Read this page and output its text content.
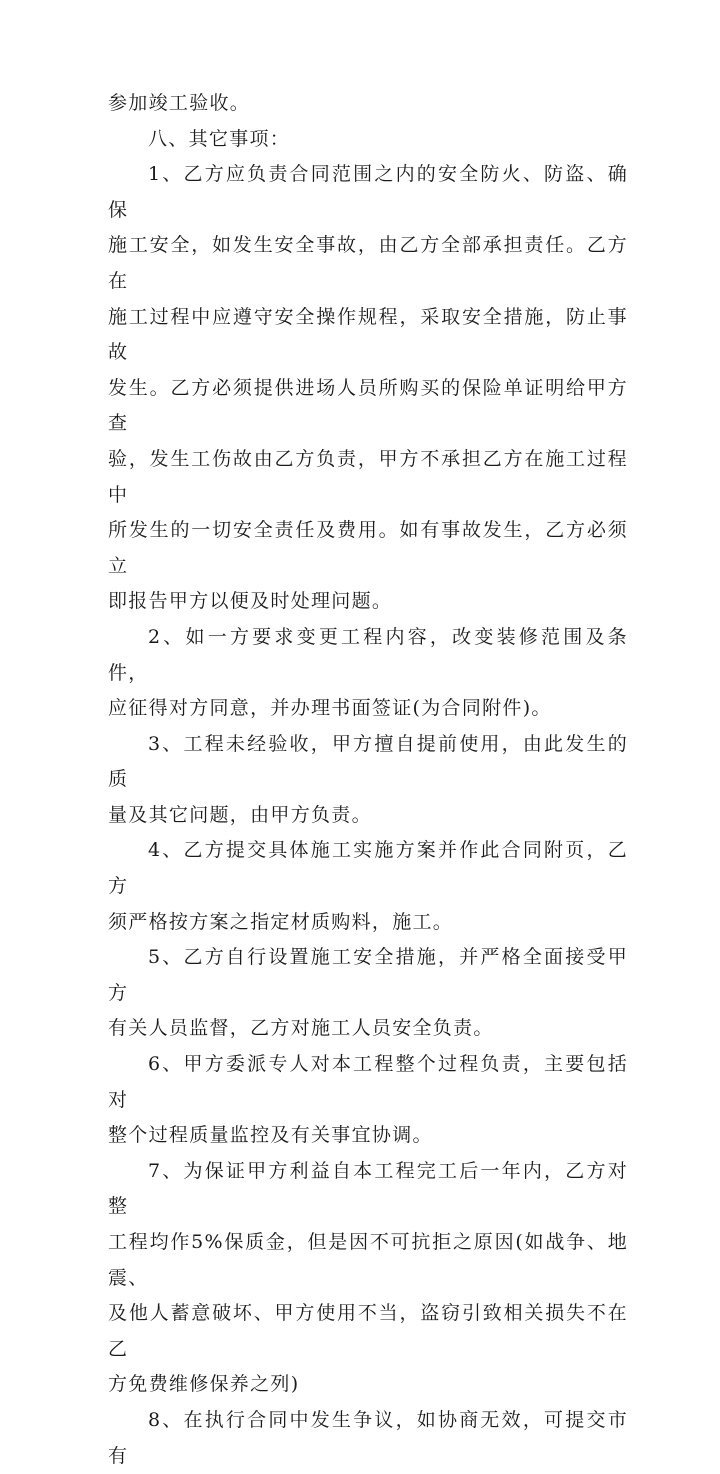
参加竣工验收。

八、其它事项：

1、乙方应负责合同范围之内的安全防火、防盗、确保
施工安全，如发生安全事故，由乙方全部承担责任。乙方在
施工过程中应遵守安全操作规程，采取安全措施，防止事故
发生。乙方必须提供进场人员所购买的保险单证明给甲方查
验，发生工伤故由乙方负责，甲方不承担乙方在施工过程中
所发生的一切安全责任及费用。如有事故发生，乙方必须立
即报告甲方以便及时处理问题。

2、如一方要求变更工程内容，改变装修范围及条件，
应征得对方同意，并办理书面签证(为合同附件)。

3、工程未经验收，甲方擅自提前使用，由此发生的质
量及其它问题，由甲方负责。

4、乙方提交具体施工实施方案并作此合同附页，乙方
须严格按方案之指定材质购料，施工。

5、乙方自行设置施工安全措施，并严格全面接受甲方
有关人员监督，乙方对施工人员安全负责。

6、甲方委派专人对本工程整个过程负责，主要包括对
整个过程质量监控及有关事宜协调。

7、为保证甲方利益自本工程完工后一年内，乙方对整
工程均作5%保质金，但是因不可抗拒之原因(如战争、地震、
及他人蓄意破坏、甲方使用不当，盗窃引致相关损失不在乙
方免费维修保养之列)

8、在执行合同中发生争议，如协商无效，可提交市有
